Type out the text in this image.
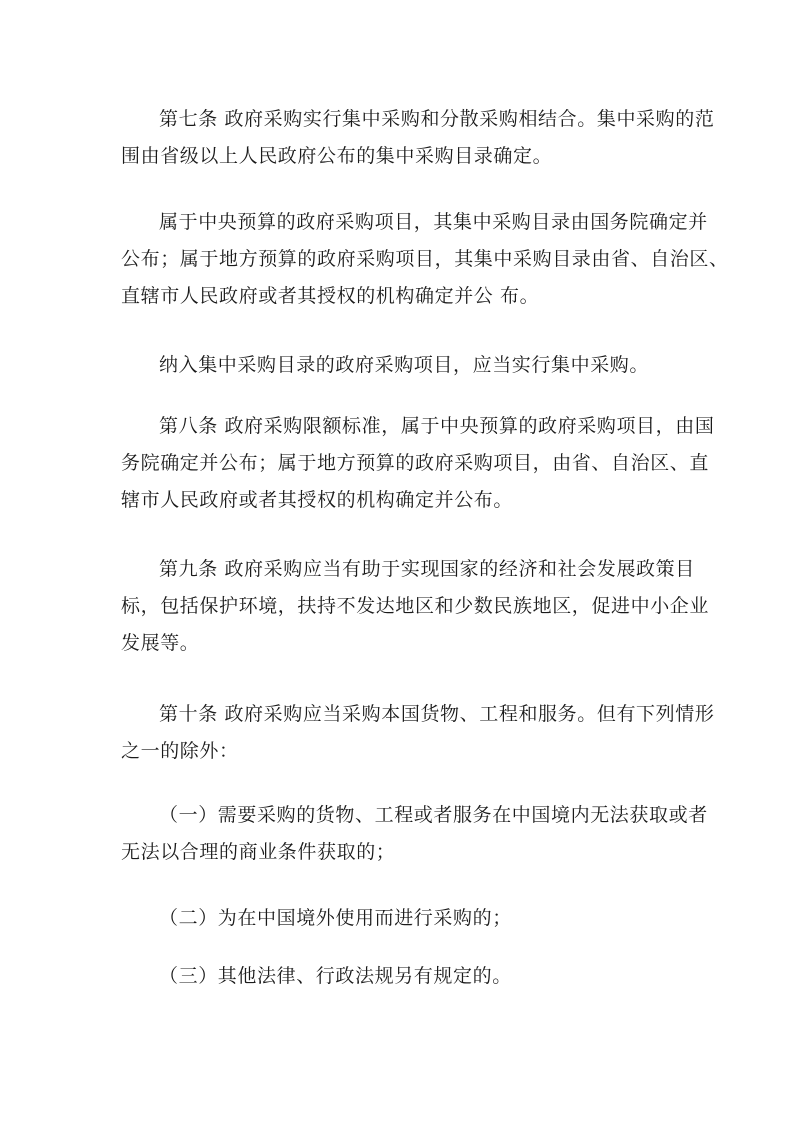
第七条 政府采购实行集中采购和分散采购相结合。集中采购的范
围由省级以上人民政府公布的集中采购目录确定。
属于中央预算的政府采购项目，其集中采购目录由国务院确定并
公布；属于地方预算的政府采购项目，其集中采购目录由省、自治区、
直辖市人民政府或者其授权的机构确定并公 布。
纳入集中采购目录的政府采购项目，应当实行集中采购。
第八条 政府采购限额标准，属于中央预算的政府采购项目，由国
务院确定并公布；属于地方预算的政府采购项目，由省、自治区、直
辖市人民政府或者其授权的机构确定并公布。
第九条 政府采购应当有助于实现国家的经济和社会发展政策目
标，包括保护环境，扶持不发达地区和少数民族地区，促进中小企业
发展等。
第十条 政府采购应当采购本国货物、工程和服务。但有下列情形
之一的除外：
（一）需要采购的货物、工程或者服务在中国境内无法获取或者
无法以合理的商业条件获取的；
（二）为在中国境外使用而进行采购的；
（三）其他法律、行政法规另有规定的。
